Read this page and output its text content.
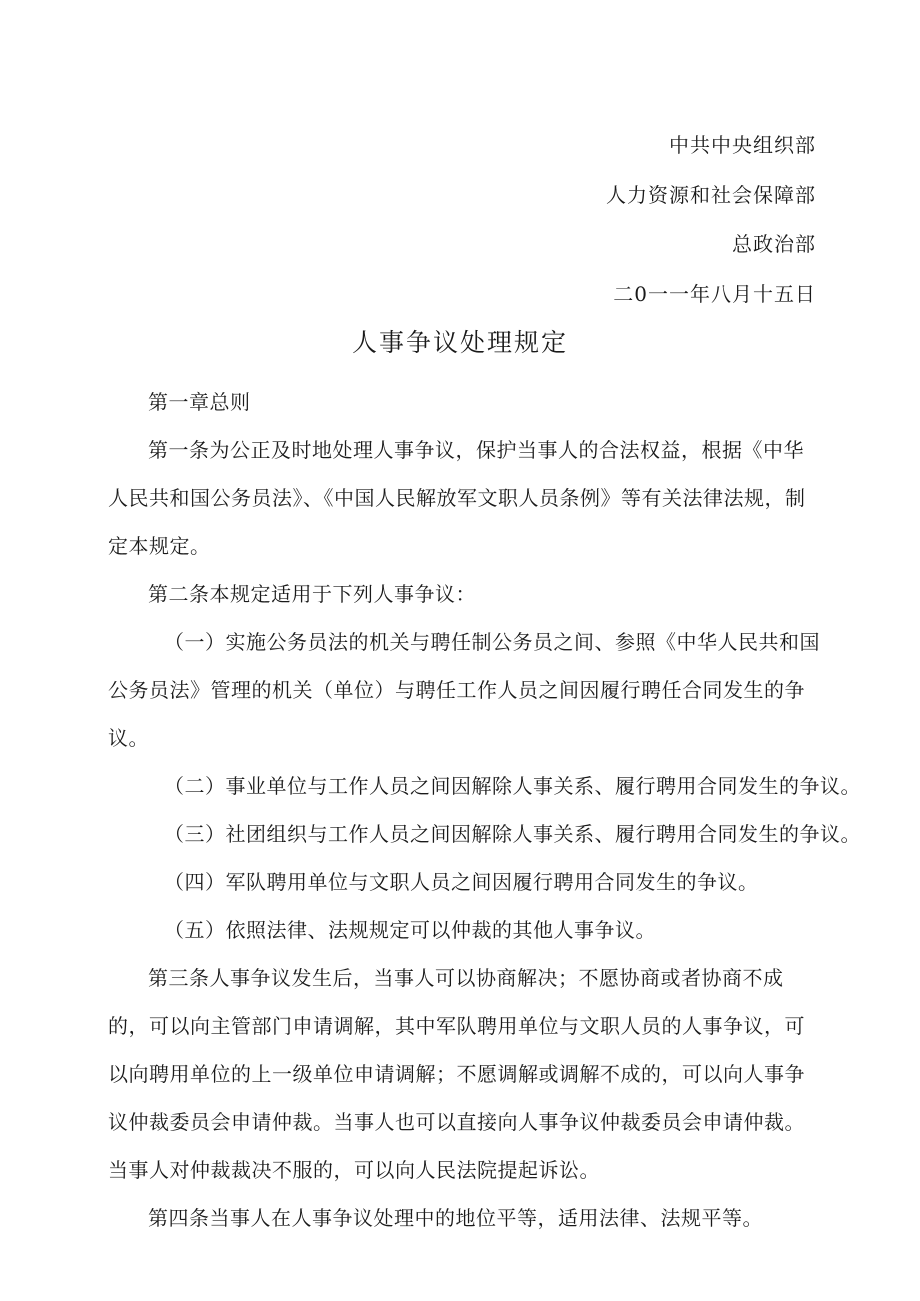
中共中央组织部
人力资源和社会保障部
总政治部
二0一一年八月十五日
人事争议处理规定

第一章总则

第一条为公正及时地处理人事争议，保护当事人的合法权益，根据《中华人民共和国公务员法》、《中国人民解放军文职人员条例》等有关法律法规，制定本规定。

第二条本规定适用于下列人事争议：

（一）实施公务员法的机关与聘任制公务员之间、参照《中华人民共和国公务员法》管理的机关（单位）与聘任工作人员之间因履行聘任合同发生的争议。

（二）事业单位与工作人员之间因解除人事关系、履行聘用合同发生的争议。

（三）社团组织与工作人员之间因解除人事关系、履行聘用合同发生的争议。

（四）军队聘用单位与文职人员之间因履行聘用合同发生的争议。

（五）依照法律、法规规定可以仲裁的其他人事争议。

第三条人事争议发生后，当事人可以协商解决；不愿协商或者协商不成的，可以向主管部门申请调解，其中军队聘用单位与文职人员的人事争议，可以向聘用单位的上一级单位申请调解；不愿调解或调解不成的，可以向人事争议仲裁委员会申请仲裁。当事人也可以直接向人事争议仲裁委员会申请仲裁。当事人对仲裁裁决不服的，可以向人民法院提起诉讼。

第四条当事人在人事争议处理中的地位平等，适用法律、法规平等。
